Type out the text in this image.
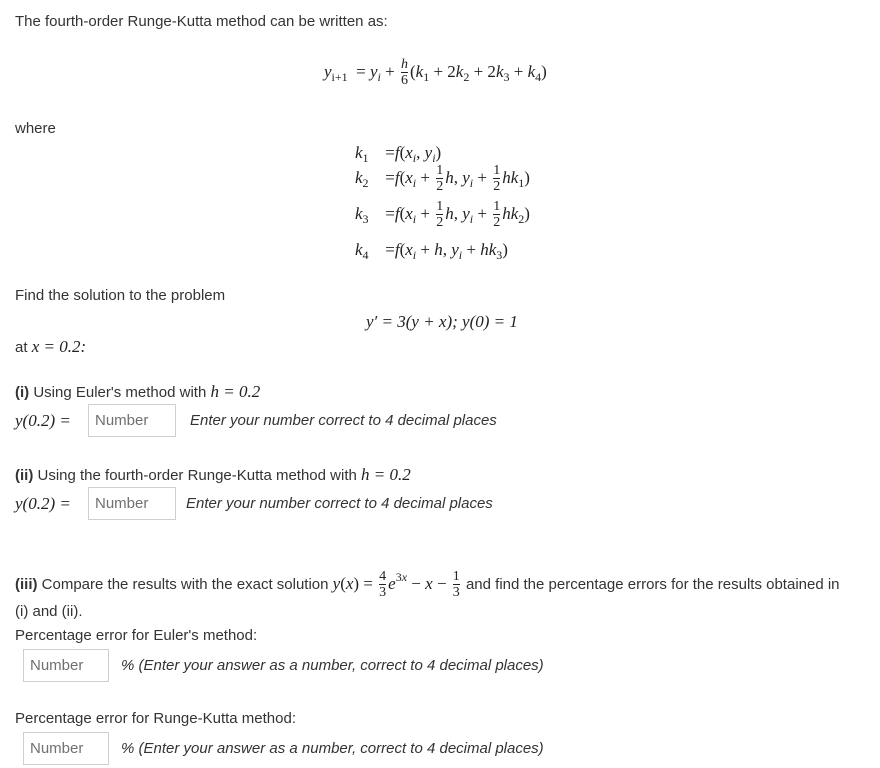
The fourth-order Runge-Kutta method can be written as:
$y_{i+1} = y_i + \frac{h}{6} (k_1 + 2k_2 + 2k_3 + k_4)$
where
$k_1 =f(x_i$, $y_i$)
$k_2 =f(x_i + \frac{1}{2} h$, $y_i + \frac{1}{2} hk_1$)
$k_3 =f(x_i + \frac{1}{2} h$, $y_i + \frac{1}{2} hk_2$)
$k_4 =f(x_i + h$, $y_i + hk_3$)
Find the solution to the problem
y′ = 3(y + x); y(0) = 1
at x = 0.2:
(i) Using Euler's method with h = 0.2
y(0.2) =
Number	Enter your number correct to 4 decimal places
(ii) Using the fourth-order Runge-Kutta method with h = 0.2
y(0.2) =
Number	Enter your number correct to 4 decimal places
(iii) Compare the results with the exact solution $y(x) = \frac{4}{3} e^{3x} - x - \frac{1}{3}$ and find the percentage errors for the results obtained in
(i) and (ii).
Percentage error for Euler's method:
Number
% (Enter your answer as a number, correct to 4 decimal places)
Percentage error for Runge-Kutta method:
Number
% (Enter your answer as a number, correct to 4 decimal places)
